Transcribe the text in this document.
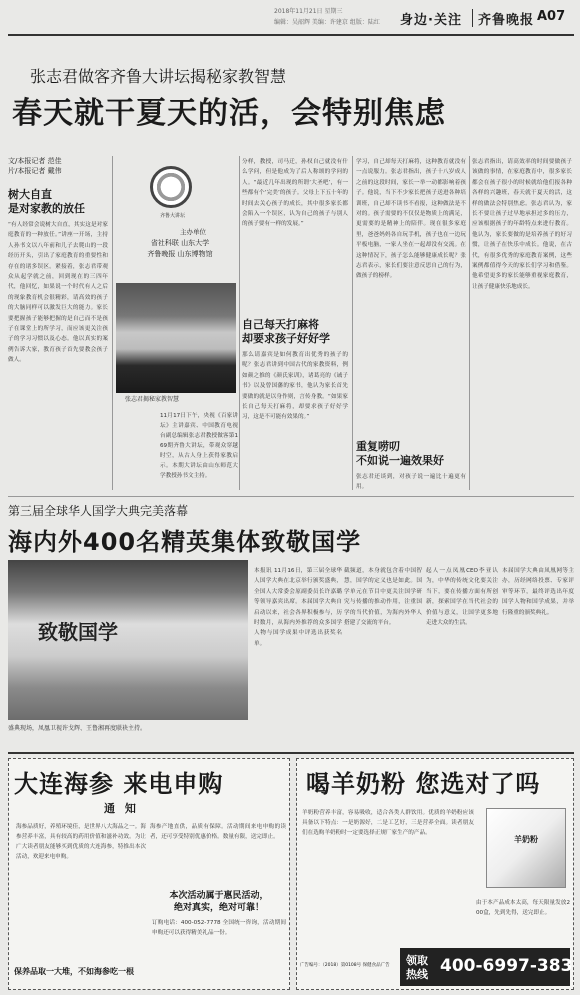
2018年11月21日 星期三
编辑：吴韶辉 美编：许建京 组版：陆红 身边·关注 齐鲁晚报 A07
张志君做客齐鲁大讲坛揭秘家教智慧
春天就干夏天的活，会特别焦虑
文/本报记者 范佳
片/本报记者 戴伟
树大自直
是对家教的放任
“有人经常会说树大自直，其实这是对家庭教育的一种放任。”讲座一开场，主持人孙书文以八年前和儿子去爬山的一段经历开头，引出了家庭教育的重要性和存在的诸多误区。紧接着，张志君带观众从起学就之前，回到现在的三四年代，他回忆，如果说一个时代有人之后的现象教育机会很精彩，请高效的孩子的大脑同样可以激发巨大的能力。家长要把握孩子能够把握的是自己而不是孩子在课堂上的所学习，而应该更关注孩子的学习习惯以及心态。他以真实的案例告诉大家，教育孩子首先要教会孩子做人。
齐鲁大讲坛
主办单位
省社科联 山东大学
齐鲁晚报 山东博物馆
张志君揭秘家教智慧
11月17日下午，央视《百家讲坛》主讲嘉宾、中国教育电视台副总编辑张志君教授做客第169期齐鲁大讲坛，带观众穿越时空，从古人身上获得家教启示。本期大讲坛由山东师范大学教授孙书文主持。
分样，教授，司马迁，孙权自己就没有什么学问，但是他成为了后人称颂的学问的人。“最近几年出现的所谓‘大圣吧’，有一些都有个‘完美’的孩子。父母上下五十年的时间去关心孩子的成长，其中很多家长都会陷入一个误区，认为自己的孩子与别人的孩子要有一样的发展。”
自己每天打麻将
却要求孩子好好学
那么请嘉宾是如何教育出优秀的孩子的呢？张志君讲到中国古代的家教资料，例如颜之推的《颜氏家训》，诸葛亮的《诫子书》以及曾国藩的家书，他认为家长首先要做的就是以身作则，言传身教。“如果家长自己每天打麻将，却要求孩子好好学习，这是不可能有效果的。”
学习，自己却每天打麻将，这种教育就没有一点说服力。张志君指出，孩子十八岁成人之前的这段时间，家长一举一动都影响着孩子。他说，当下不少家长把孩子送进各种培训班，自己却不读书不看报，这种做法是不对的。孩子需要的不仅仅是物质上的满足，更需要的是精神上的陪伴。现在很多家庭里，爸爸妈妈各自玩手机，孩子也在一边玩平板电脑，一家人坐在一起却没有交流。在这种情况下，孩子怎么能够健康成长呢？张志君表示，家长们要注意反思自己的行为，做孩子的榜样。
重复唠叨
不如说一遍效果好
张志君还谈到，对孩子说一遍比十遍更有用。
张志君指出，请高效率的时间要做孩子该做的事情，在家庭教育中，很多家长都会在孩子很小的时候就给他们报各种各样的兴趣班，春天就干夏天的活，这样的做法会特别焦虑。张志君认为，家长不要让孩子过早地承担过多的压力，应该根据孩子的年龄特点来进行教育。他认为，家长要做的是培养孩子的好习惯，让孩子在快乐中成长。他说，在古代，有很多优秀的家庭教育案例，这些案例都值得今天的家长们学习和借鉴。他希望更多的家长能够重视家庭教育，让孩子健康快乐地成长。
第三届全球华人国学大典完美落幕
海内外400名精英集体致敬国学
致敬国学
盛典现场，凤凰卫视许戈辉、王鲁湘再度联袂主持。
本报讯 11月16日，第三届全球华人国学大典在北京举行颁奖盛典，全国人大常委会原副委员长许嘉璐等领导嘉宾出席。本届国学大典自启动以来，社会各界积极参与，历时数月，从海内外推荐的众多国学人物与国学成果中评选出获奖名单。
截频道，本身就包含着中国智慧，国学的定义也是如此。国学单元在节目中更关注国学研究与传播的推动作用，注重国学的当代价值，为海内外华人搭建了交流的平台。
起人一点凤凰CEO李亚认为，中华的传统文化要关注当下，要在传播方面有所创新，探索国学在当代社会的价值与意义，让国学更多地走进大众的生活。
本届国学大典由凤凰网等主办，历经网络投票、专家评审等环节，最终评选出年度国学人物和国学成果，并举行隆重的颁奖典礼。
大连海参 来电申购
通 知
海参品质好，养殖环境佳，是世界八大海品之一。海参营养丰富，具有较高的药用价值和滋补功效。为让广大读者朋友能够买到优质的大连海参，特推出本次活动，欢迎来电申购。
海参产地直供，品质有保障。活动期间来电申购的读者，还可享受特别优惠价格。数量有限，送完即止。
本次活动属于惠民活动，
绝对真实，绝对可靠！
订购电话：400-052-7778 全国统一咨询，活动期间申购还可以获得精美礼品一份。
保养品取一大堆，不如海参吃一根
喝羊奶粉 您选对了吗
羊奶粉营养丰富，容易吸收，适合各类人群饮用。优质的羊奶粉应该具备以下特点：一是奶源好，二是工艺好，三是营养全面。读者朋友们在选购羊奶粉时一定要选择正规厂家生产的产品。
羊奶粉
由于本产品成本太高，每天限量发放200盒，先到先得，送完即止。
领取热线 400-6997-383
广告编号：（2018）第0108号 保健食品广告
